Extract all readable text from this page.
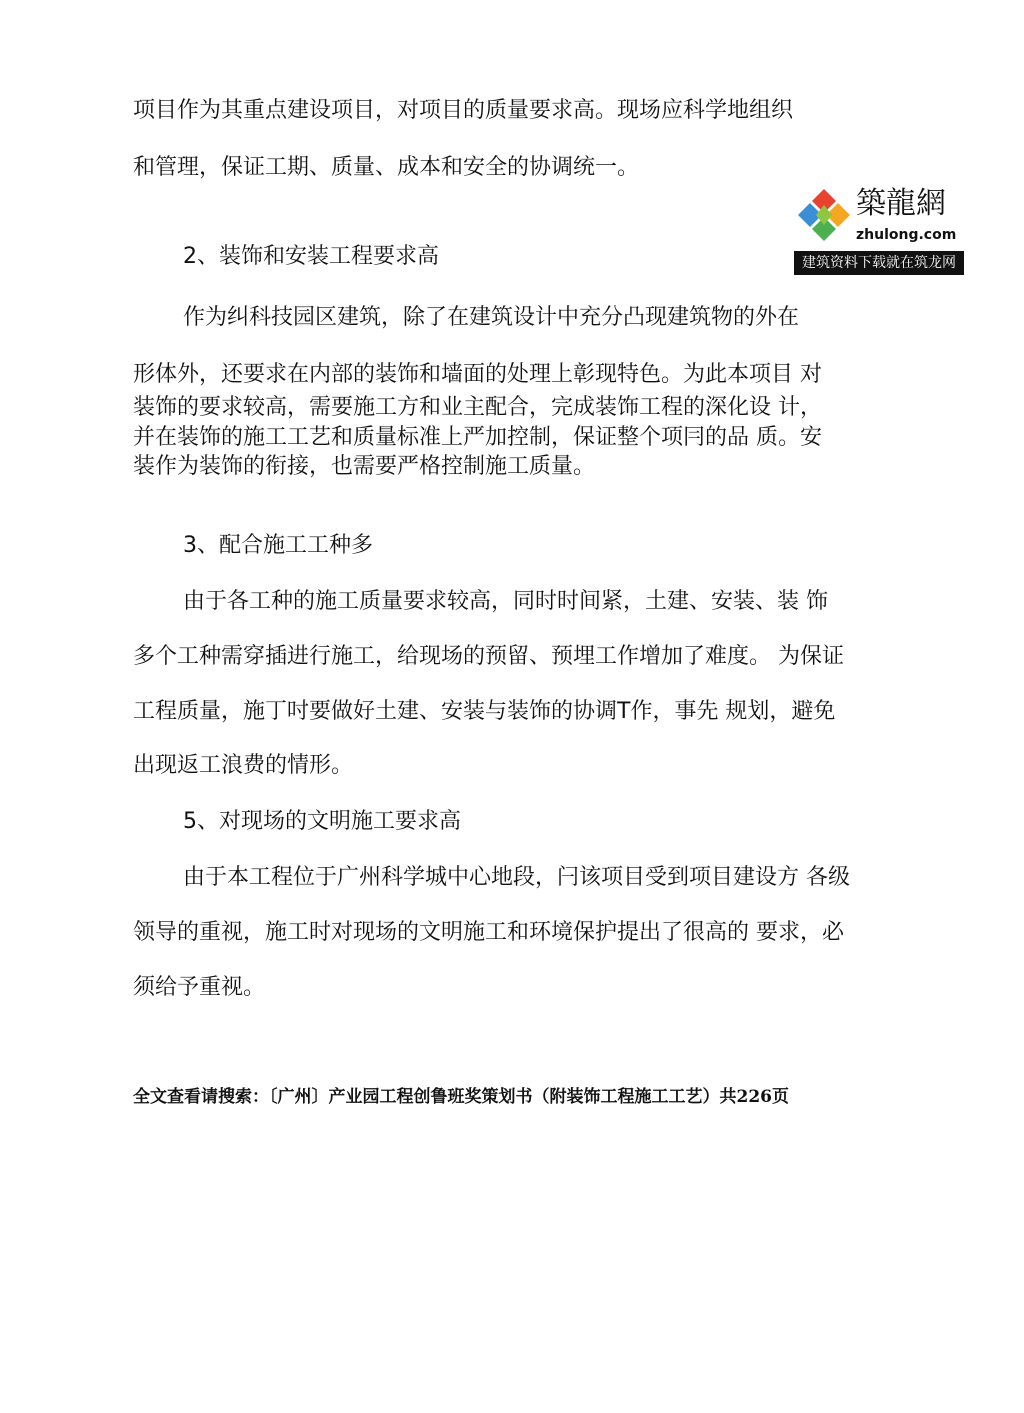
项目作为其重点建设项目，对项目的质量要求高。现场应科学地组织
和管理，保证工期、质量、成本和安全的协调统一。
2、装饰和安装工程要求高
作为纠科技园区建筑，除了在建筑设计中充分凸现建筑物的外在
形体外，还要求在内部的装饰和墙面的处理上彰现特色。为此本项目 对
装饰的要求较高，需要施工方和业主配合，完成装饰工程的深化设 计，
并在装饰的施工工艺和质量标准上严加控制，保证整个项冃的品 质。安
装作为装饰的衔接，也需要严格控制施工质量。
3、配合施工工种多
由于各工种的施工质量要求较高，同时时间紧，土建、安装、装 饰
多个工种需穿插进行施工，给现场的预留、预埋工作增加了难度。 为保证
工程质量，施丁吋要做好土建、安装与装饰的协调T作，事先 规划，避免
出现返工浪费的情形。
5、对现场的文明施工要求高
由于本工程位于广州科学城中心地段，闩该项目受到项目建设方 各级
领导的重视，施工时对现场的文明施工和环境保护提出了很高的 要求，必
须给予重视。
全文查看请搜索：〔广州〕产业园工程创鲁班奖策划书（附装饰工程施工工艺）共226页
築龍網
zhulong.com
建筑资料下载就在筑龙网
